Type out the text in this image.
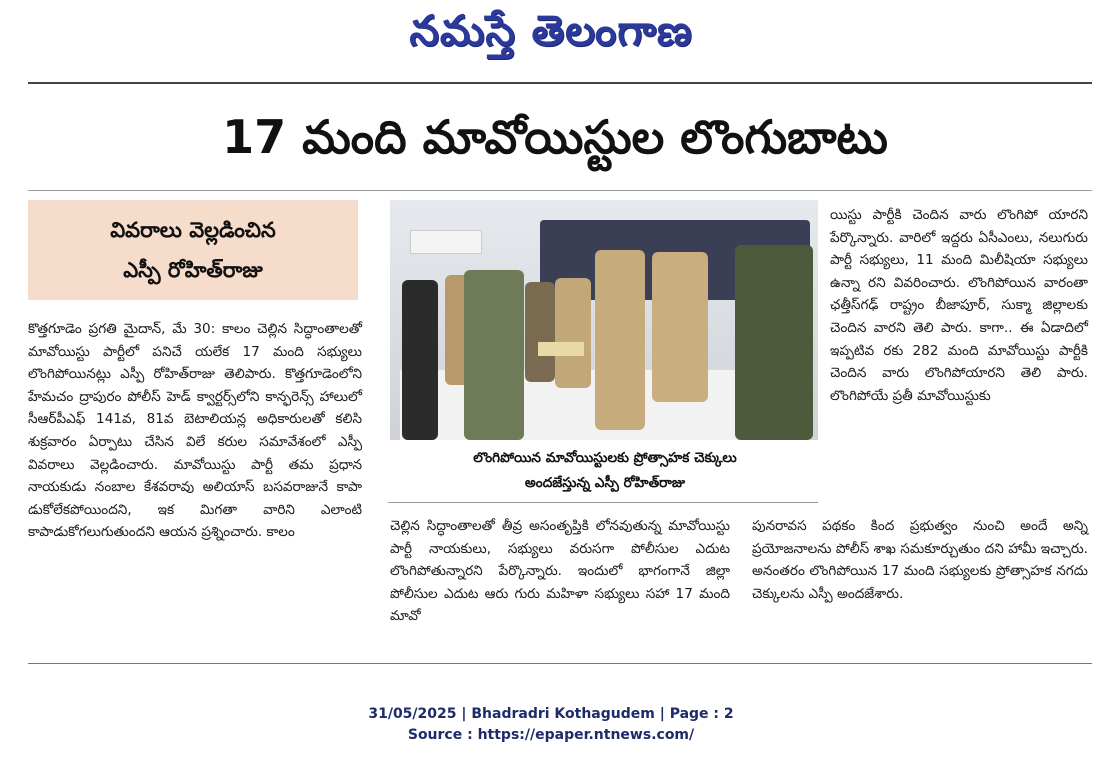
నమస్తే తెలంగాణ
17 మంది మావోయిస్టుల లొంగుబాటు
వివరాలు వెల్లడించిన
ఎస్పీ రోహిత్‌రాజు

కొత్తగూడెం ప్రగతి మైదాన్, మే 30: కాలం చెల్లిన సిద్ధాంతాలతో మావోయిస్టు పార్టీలో పనిచే యలేక 17 మంది సభ్యులు లొంగిపోయినట్లు ఎస్పీ రోహిత్‌రాజు తెలిపారు. కొత్తగూడెంలోని హేమచం ద్రాపురం పోలీస్ హెడ్ క్వార్టర్స్‌లోని కాన్ఫరెన్స్ హాలులో సీఆర్‌పీఎఫ్ 141వ, 81వ బెటాలియన్ల అధికారులతో కలిసి శుక్రవారం ఏర్పాటు చేసిన విలే కరుల సమావేశంలో ఎస్పీ వివరాలు వెల్లడించారు. మావోయిస్టు పార్టీ తమ ప్రధాన నాయకుడు నంబాల కేశవరావు అలియాస్ బసవరాజునే కాపా డుకోలేకపోయిందని, ఇక మిగతా వారిని ఎలాంటి కాపాడుకోగలుగుతుందని ఆయన ప్రశ్నించారు. కాలం

లొంగిపోయిన మావోయిస్టులకు ప్రోత్సాహక చెక్కులు
అందజేస్తున్న ఎస్పీ రోహిత్‌రాజు

యిస్టు పార్టీకి చెందిన వారు లొంగిపో యారని పేర్కొన్నారు. వారిలో ఇద్దరు ఏసీఎంలు, నలుగురు పార్టీ సభ్యులు, 11 మంది మిలీషియా సభ్యులు ఉన్నా రని వివరించారు. లొంగిపోయిన వారంతా ఛత్తీస్‌గఢ్ రాష్ట్రం బీజాపూర్, సుక్మా జిల్లాలకు చెందిన వారని తెలి పారు. కాగా.. ఈ ఏడాదిలో ఇప్పటివ రకు 282 మంది మావోయిస్టు పార్టీకి చెందిన వారు లొంగిపోయారని తెలి పారు. లొంగిపోయే ప్రతీ మావోయిస్టుకు

చెల్లిన సిద్ధాంతాలతో తీవ్ర అసంతృప్తికి లోనవుతున్న మావోయిస్టు పార్టీ నాయకులు, సభ్యులు వరుసగా పోలీసుల ఎదుట లొంగిపోతున్నారని పేర్కొన్నారు. ఇందులో భాగంగానే జిల్లా పోలీసుల ఎదుట ఆరు గురు మహిళా సభ్యులు సహా 17 మంది మావో

పునరావస పథకం కింద ప్రభుత్వం నుంచి అందే అన్ని ప్రయోజనాలను పోలీస్ శాఖ సమకూర్చుతుం దని హామీ ఇచ్చారు. అనంతరం లొంగిపోయిన 17 మంది సభ్యులకు ప్రోత్సాహక నగదు చెక్కులను ఎస్పీ అందజేశారు.

31/05/2025 | Bhadradri Kothagudem | Page : 2
Source : https://epaper.ntnews.com/
